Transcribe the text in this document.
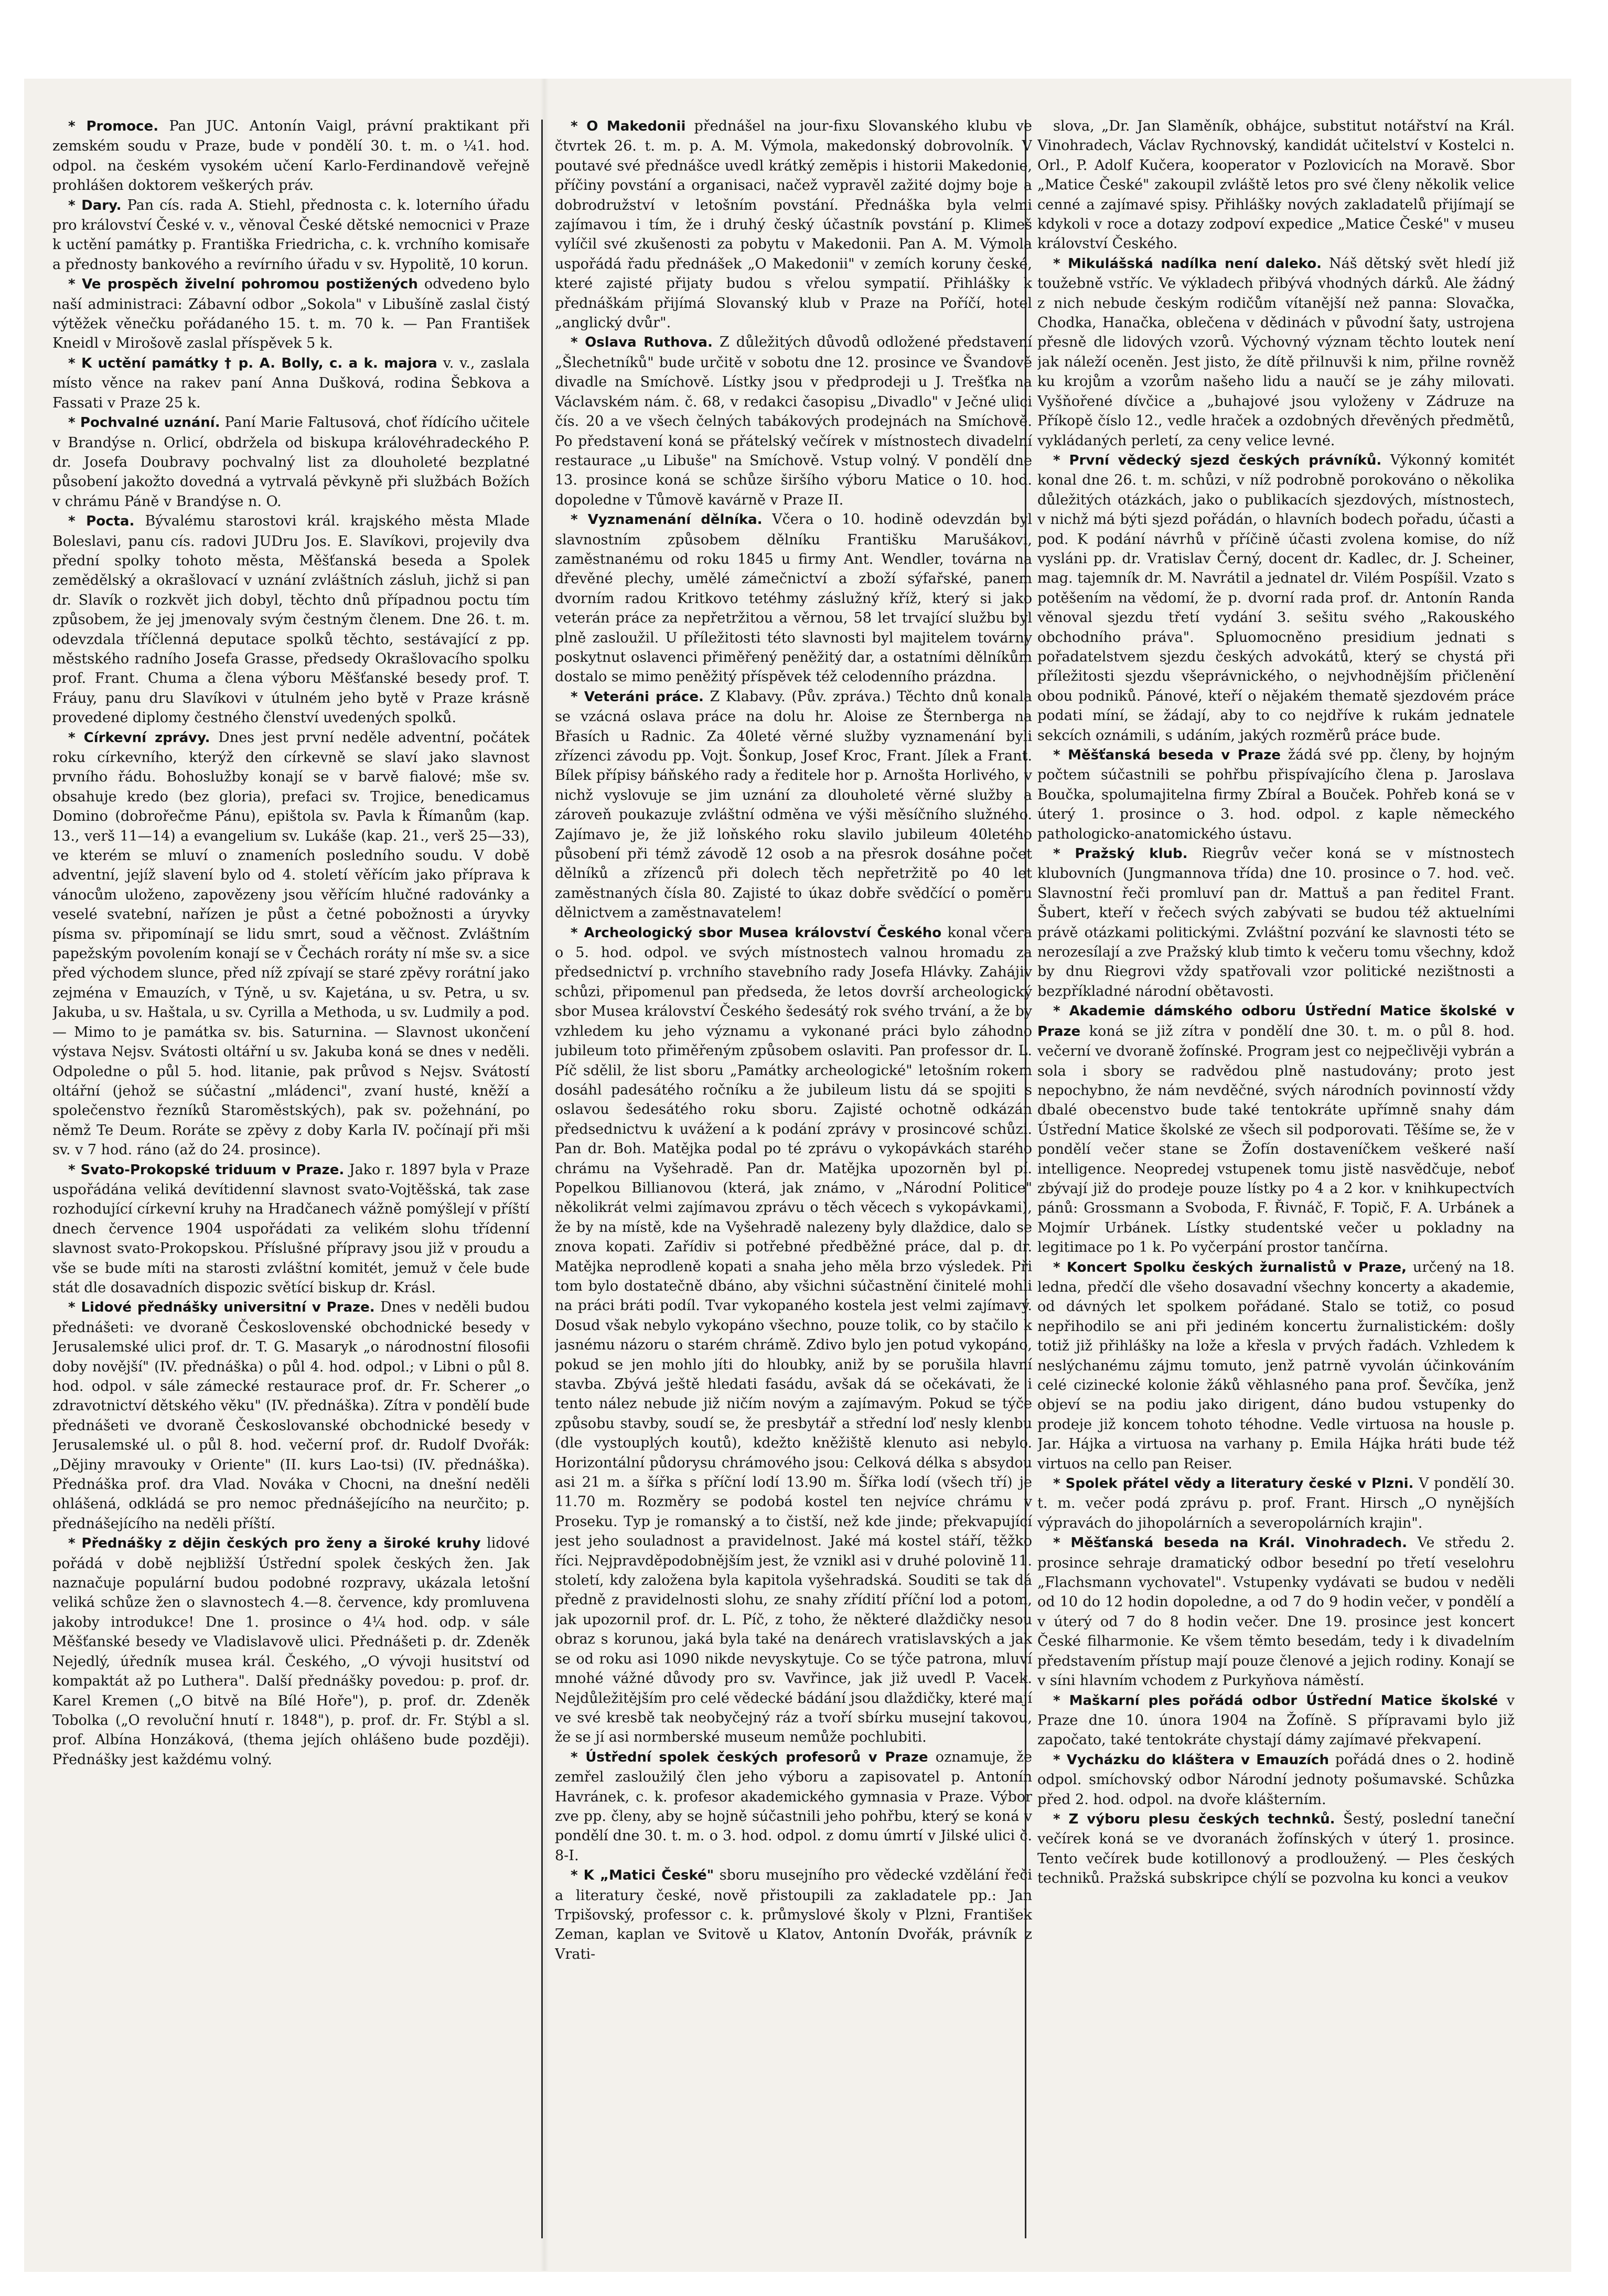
* Promoce. Pan JUC. Antonín Vaigl, právní praktikant při zemském soudu v Praze, bude v pondělí 30. t. m. o ¼1. hod. odpol. na českém vysokém učení Karlo-Ferdinandově veřejně prohlášen doktorem veškerých práv.

* Dary. Pan cís. rada A. Stiehl, přednosta c. k. loterního úřadu pro království České v. v., věnoval České dětské nemocnici v Praze k uctění památky p. Františka Friedricha, c. k. vrchního komisaře a přednosty bankového a revírního úřadu v sv. Hypolitě, 10 korun.

* Ve prospěch živelní pohromou postižených odvedeno bylo naší administraci: Zábavní odbor „Sokola" v Libušíně zaslal čistý výtěžek věnečku pořádaného 15. t. m. 70 k. — Pan František Kneidl v Mirošově zaslal příspěvek 5 k.

* K uctění památky † p. A. Bolly, c. a k. majora v. v., zaslala místo věnce na rakev paní Anna Dušková, rodina Šebkova a Fassati v Praze 25 k.

* Pochvalné uznání. Paní Marie Faltusová, choť řídícího učitele v Brandýse n. Orlicí, obdržela od biskupa královéhradeckého P. dr. Josefa Doubravy pochvalný list za dlouholeté bezplatné působení jakožto dovedná a vytrvalá pěvkyně při službách Božích v chrámu Páně v Brandýse n. O.

* Pocta. Bývalému starostovi král. krajského města Mlade Boleslavi, panu cís. radovi JUDru Jos. E. Slavíkovi, projevily dva přední spolky tohoto města, Měšťanská beseda a Spolek zemědělský a okrašlovací v uznání zvláštních zásluh, jichž si pan dr. Slavík o rozkvět jich dobyl, těchto dnů případnou poctu tím způsobem, že jej jmenovaly svým čestným členem. Dne 26. t. m. odevzdala tříčlenná deputace spolků těchto, sestávající z pp. městského radního Josefa Grasse, předsedy Okrašlovacího spolku prof. Frant. Chuma a člena výboru Měšťanské besedy prof. T. Fráuy, panu dru Slavíkovi v útulném jeho bytě v Praze krásně provedené diplomy čestného členství uvedených spolků.

* Církevní zprávy. Dnes jest první neděle adventní, počátek roku církevního, kterýž den církevně se slaví jako slavnost prvního řádu. Bohoslužby konají se v barvě fialové; mše sv. obsahuje kredo (bez gloria), prefaci sv. Trojice, benedicamus Domino (dobrořečme Pánu), epištola sv. Pavla k Římanům (kap. 13., verš 11—14) a evangelium sv. Lukáše (kap. 21., verš 25—33), ve kterém se mluví o znameních posledního soudu. V době adventní, jejíž slavení bylo od 4. století věřícím jako příprava k vánocům uloženo, zapovězeny jsou věřícím hlučné radovánky a veselé svatební, nařízen je půst a četné pobožnosti a úryvky písma sv. připomínají se lidu smrt, soud a věčnost. Zvláštním papežským povolením konají se v Čechách roráty ní mše sv. a sice před východem slunce, před níž zpívají se staré zpěvy rorátní jako zejména v Emauzích, v Týně, u sv. Kajetána, u sv. Petra, u sv. Jakuba, u sv. Haštala, u sv. Cyrilla a Methoda, u sv. Ludmily a pod. — Mimo to je památka sv. bis. Saturnina. — Slavnost ukončení výstava Nejsv. Svátosti oltářní u sv. Jakuba koná se dnes v neděli. Odpoledne o půl 5. hod. litanie, pak průvod s Nejsv. Svátostí oltářní (jehož se súčastní „mládenci", zvaní husté, kněží a společenstvo řezníků Staroměstských), pak sv. požehnání, po němž Te Deum. Roráte se zpěvy z doby Karla IV. počínají při mši sv. v 7 hod. ráno (až do 24. prosince).

* Svato-Prokopské triduum v Praze. Jako r. 1897 byla v Praze uspořádána veliká devítidenní slavnost svato-Vojtěšská, tak zase rozhodující církevní kruhy na Hradčanech vážně pomýšlejí v příští dnech července 1904 uspořádati za velikém slohu třídenní slavnost svato-Prokopskou. Příslušné přípravy jsou již v proudu a vše se bude míti na starosti zvláštní komitét, jemuž v čele bude stát dle dosavadních dispozic světící biskup dr. Krásl.

* Lidové přednášky universitní v Praze. Dnes v neděli budou přednášeti: ve dvoraně Československé obchodnické besedy v Jerusalemské ulici prof. dr. T. G. Masaryk „o národnostní filosofii doby novější" (IV. přednáška) o půl 4. hod. odpol.; v Libni o půl 8. hod. odpol. v sále zámecké restaurace prof. dr. Fr. Scherer „o zdravotnictví dětského věku" (IV. přednáška). Zítra v pondělí bude přednášeti ve dvoraně Českoslovanské obchodnické besedy v Jerusalemské ul. o půl 8. hod. večerní prof. dr. Rudolf Dvořák: „Dějiny mravouky v Oriente" (II. kurs Lao-tsi) (IV. přednáška). Přednáška prof. dra Vlad. Nováka v Chocni, na dnešní neděli ohlášená, odkládá se pro nemoc přednášejícího na neurčito; p. přednášejícího na neděli příští.

* Přednášky z dějin českých pro ženy a široké kruhy lidové pořádá v době nejbližší Ústřední spolek českých žen. Jak naznačuje populární budou podobné rozpravy, ukázala letošní veliká schůze žen o slavnostech 4.—8. července, kdy promluvena jakoby introdukce! Dne 1. prosince o 4¼ hod. odp. v sále Měšťanské besedy ve Vladislavově ulici. Přednášeti p. dr. Zdeněk Nejedlý, úředník musea král. Českého, „O vývoji husitství od kompaktát až po Luthera". Další přednášky povedou: p. prof. dr. Karel Kremen („O bitvě na Bílé Hoře"), p. prof. dr. Zdeněk Tobolka („O revoluční hnutí r. 1848"), p. prof. dr. Fr. Stýbl a sl. prof. Albína Honzáková, (thema jejích ohlášeno bude později). Přednášky jest každému volný.

* O Makedonii přednášel na jour-fixu Slovanského klubu ve čtvrtek 26. t. m. p. A. M. Výmola, makedonský dobrovolník. V poutavé své přednášce uvedl krátký zeměpis i historii Makedonie, příčiny povstání a organisaci, načež vypravěl zažité dojmy boje a dobrodružství v letošním povstání. Přednáška byla velmi zajímavou i tím, že i druhý český účastník povstání p. Klimeš vylíčil své zkušenosti za pobytu v Makedonii. Pan A. M. Výmola uspořádá řadu přednášek „O Makedonii" v zemích koruny české, které zajisté přijaty budou s vřelou sympatií. Přihlášky k přednáškám přijímá Slovanský klub v Praze na Poříčí, hotel „anglický dvůr".

* Oslava Ruthova. Z důležitých důvodů odložené představení „Šlechetníků" bude určitě v sobotu dne 12. prosince ve Švandově divadle na Smíchově. Lístky jsou v předprodeji u J. Trešťka na Václavském nám. č. 68, v redakci časopisu „Divadlo" v Ječné ulici čís. 20 a ve všech čelných tabákových prodejnách na Smíchově. Po představení koná se přátelský večírek v místnostech divadelní restaurace „u Libuše" na Smíchově. Vstup volný. V pondělí dne 13. prosince koná se schůze širšího výboru Matice o 10. hod. dopoledne v Tůmově kavárně v Praze II.

* Vyznamenání dělníka. Včera o 10. hodině odevzdán byl slavnostním způsobem dělníku Františku Marušákovi, zaměstnanému od roku 1845 u firmy Ant. Wendler, továrna na dřevěné plechy, umělé zámečnictví a zboží sýfařské, panem dvorním radou Kritkovo tetéhmy záslužný kříž, který si jako veterán práce za nepřetržitou a věrnou, 58 let trvající službu byl plně zasloužil. U příležitosti této slavnosti byl majitelem továrny poskytnut oslavenci přiměřený peněžitý dar, a ostatními dělníkům dostalo se mimo peněžitý příspěvek též celodenního prázdna.

* Veteráni práce. Z Klabavy. (Pův. zpráva.) Těchto dnů konala se vzácná oslava práce na dolu hr. Aloise ze Šternberga na Břasích u Radnic. Za 40leté věrné služby vyznamenání byli zřízenci závodu pp. Vojt. Šonkup, Josef Kroc, Frant. Jílek a Frant. Bílek přípisy báňského rady a ředitele hor p. Arnošta Horlivého, v nichž vyslovuje se jim uznání za dlouholeté věrné služby a zároveň poukazuje zvláštní odměna ve výši měsíčního služného. Zajímavo je, že již loňského roku slavilo jubileum 40letého působení při témž závodě 12 osob a na přesrok dosáhne počet dělníků a zřízenců při dolech těch nepřetržitě po 40 let zaměstnaných čísla 80. Zajisté to úkaz dobře svědčící o poměru dělnictvem a zaměstnavatelem!

* Archeologický sbor Musea království Českého konal včera o 5. hod. odpol. ve svých místnostech valnou hromadu za předsednictví p. vrchního stavebního rady Josefa Hlávky. Zahájiv schůzi, připomenul pan předseda, že letos dovrší archeologický sbor Musea království Českého šedesátý rok svého trvání, a že by vzhledem ku jeho významu a vykonané práci bylo záhodno jubileum toto přiměřeným způsobem oslaviti. Pan professor dr. L. Píč sdělil, že list sboru „Památky archeologické" letošním rokem dosáhl padesátého ročníku a že jubileum listu dá se spojiti s oslavou šedesátého roku sboru. Zajisté ochotně odkázán předsednictvu k uvážení a k podání zprávy v prosincové schůzi. Pan dr. Boh. Matějka podal po té zprávu o vykopávkách starého chrámu na Vyšehradě. Pan dr. Matějka upozorněn byl pí. Popelkou Billianovou (která, jak známo, v „Národní Politice" několikrát velmi zajímavou zprávu o těch věcech s vykopávkami), že by na místě, kde na Vyšehradě nalezeny byly dlaždice, dalo se znova kopati. Zařídiv si potřebné předběžné práce, dal p. dr. Matějka neprodleně kopati a snaha jeho měla brzo výsledek. Při tom bylo dostatečně dbáno, aby všichni súčastnění činitelé mohli na práci bráti podíl. Tvar vykopaného kostela jest velmi zajímavý. Dosud však nebylo vykopáno všechno, pouze tolik, co by stačilo k jasnému názoru o starém chrámě. Zdivo bylo jen potud vykopáno, pokud se jen mohlo jíti do hloubky, aniž by se porušila hlavní stavba. Zbývá ještě hledati fasádu, avšak dá se očekávati, že i tento nález nebude již ničím novým a zajímavým. Pokud se týče způsobu stavby, soudí se, že presbytář a střední loď nesly klenbu (dle vystouplých koutů), kdežto kněžiště klenuto asi nebylo. Horizontální půdorysu chrámového jsou: Celková délka s absydou asi 21 m. a šířka s příční lodí 13.90 m. Šířka lodí (všech tří) je 11.70 m. Rozměry se podobá kostel ten nejvíce chrámu v Proseku. Typ je romanský a to čistší, než kde jinde; překvapující jest jeho souladnost a pravidelnost. Jaké má kostel stáří, těžko říci. Nejpravděpodobnějším jest, že vznikl asi v druhé polovině 11. století, kdy založena byla kapitola vyšehradská. Souditi se tak dá předně z pravidelnosti slohu, ze snahy zřídití příční lod a potom, jak upozornil prof. dr. L. Píč, z toho, že některé dlaždičky nesou obraz s korunou, jaká byla také na denárech vratislavských a jak se od roku asi 1090 nikde nevyskytuje. Co se týče patrona, mluví mnohé vážné důvody pro sv. Vavřince, jak již uvedl P. Vacek. Nejdůležitějším pro celé vědecké bádání jsou dlaždičky, které mají ve své kresbě tak neobyčejný ráz a tvoří sbírku musejní takovou, že se jí asi normberské museum nemůže pochlubiti.

* Ústřední spolek českých profesorů v Praze oznamuje, že zemřel zasloužilý člen jeho výboru a zapisovatel p. Antonín Havránek, c. k. profesor akademického gymnasia v Praze. Výbor zve pp. členy, aby se hojně súčastnili jeho pohřbu, který se koná v pondělí dne 30. t. m. o 3. hod. odpol. z domu úmrtí v Jilské ulici č. 8-I.

* K „Matici České" sboru musejního pro vědecké vzdělání řeči a literatury české, nově přistoupili za zakladatele pp.: Jan Trpišovský, professor c. k. průmyslové školy v Plzni, František Zeman, kaplan ve Svitově u Klatov, Antonín Dvořák, právník z Vrati-

slova, „Dr. Jan Slaměník, obhájce, substitut notářství na Král. Vinohradech, Václav Rychnovský, kandidát učitelství v Kostelci n. Orl., P. Adolf Kučera, kooperator v Pozlovicích na Moravě. Sbor „Matice České" zakoupil zvláště letos pro své členy několik velice cenné a zajímavé spisy. Přihlášky nových zakladatelů přijímají se kdykoli v roce a dotazy zodpoví expedice „Matice České" v museu království Českého.

* Mikulášská nadílka není daleko. Náš dětský svět hledí již toužebně vstříc. Ve výkladech přibývá vhodných dárků. Ale žádný z nich nebude českým rodičům vítanější než panna: Slovačka, Chodka, Hanačka, oblečena v dědinách v původní šaty, ustrojena přesně dle lidových vzorů. Výchovný význam těchto loutek není jak náleží oceněn. Jest jisto, že dítě přilnuvši k nim, přilne rovněž ku krojům a vzorům našeho lidu a naučí se je záhy milovati. Vyšňořené dívčice a „buhajové jsou vyloženy v Zádruze na Příkopě číslo 12., vedle hraček a ozdobných dřevěných předmětů, vykládaných perletí, za ceny velice levné.

* První vědecký sjezd českých právníků. Výkonný komitét konal dne 26. t. m. schůzi, v níž podrobně porokováno o několika důležitých otázkách, jako o publikacích sjezdových, místnostech, v nichž má býti sjezd pořádán, o hlavních bodech pořadu, účasti a pod. K podání návrhů v příčině účasti zvolena komise, do níž vysláni pp. dr. Vratislav Černý, docent dr. Kadlec, dr. J. Scheiner, mag. tajemník dr. M. Navrátil a jednatel dr. Vilém Pospíšil. Vzato s potěšením na vědomí, že p. dvorní rada prof. dr. Antonín Randa věnoval sjezdu třetí vydání 3. sešitu svého „Rakouského obchodního práva". Spluomocněno presidium jednati s pořadatelstvem sjezdu českých advokátů, který se chystá při příležitosti sjezdu všeprávnického, o nejvhodnějším přičlenění obou podniků. Pánové, kteří o nějakém thematě sjezdovém práce podati míní, se žádají, aby to co nejdříve k rukám jednatele sekcích oznámili, s udáním, jakých rozměrů práce bude.

* Měšťanská beseda v Praze žádá své pp. členy, by hojným počtem súčastnili se pohřbu přispívajícího člena p. Jaroslava Boučka, spolumajitelna firmy Zbíral a Bouček. Pohřeb koná se v úterý 1. prosince o 3. hod. odpol. z kaple německého pathologicko-anatomického ústavu.

* Pražský klub. Riegrův večer koná se v místnostech klubovních (Jungmannova třída) dne 10. prosince o 7. hod. več. Slavnostní řeči promluví pan dr. Mattuš a pan ředitel Frant. Šubert, kteří v řečech svých zabývati se budou též aktuelními právě otázkami politickými. Zvláštní pozvání ke slavnosti této se nerozesílají a zve Pražský klub timto k večeru tomu všechny, kdož by dnu Riegrovi vždy spatřovali vzor politické nezištnosti a bezpříkladné národní obětavosti.

* Akademie dámského odboru Ústřední Matice školské v Praze koná se již zítra v pondělí dne 30. t. m. o půl 8. hod. večerní ve dvoraně žofínské. Program jest co nejpečlivěji vybrán a sola i sbory se radvědou plně nastudovány; proto jest nepochybno, že nám nevděčné, svých národních povinností vždy dbalé obecenstvo bude také tentokráte upřímně snahy dám Ústřední Matice školské ze všech sil podporovati. Těšíme se, že v pondělí večer stane se Žofín dostaveníčkem veškeré naší intelligence. Neopredej vstupenek tomu jistě nasvědčuje, neboť zbývají již do prodeje pouze lístky po 4 a 2 kor. v knihkupectvích pánů: Grossmann a Svoboda, F. Řivnáč, F. Topič, F. A. Urbánek a Mojmír Urbánek. Lístky studentské večer u pokladny na legitimace po 1 k. Po vyčerpání prostor tančírna.

* Koncert Spolku českých žurnalistů v Praze, určený na 18. ledna, předčí dle všeho dosavadní všechny koncerty a akademie, od dávných let spolkem pořádané. Stalo se totiž, co posud nepřihodilo se ani při jediném koncertu žurnalistickém: došly totiž již přihlášky na lože a křesla v prvých řadách. Vzhledem k neslýchanému zájmu tomuto, jenž patrně vyvolán účinkováním celé cizinecké kolonie žáků věhlasného pana prof. Ševčíka, jenž objeví se na podiu jako dirigent, dáno budou vstupenky do prodeje již koncem tohoto téhodne. Vedle virtuosa na housle p. Jar. Hájka a virtuosa na varhany p. Emila Hájka hráti bude též virtuos na cello pan Reiser.

* Spolek přátel vědy a literatury české v Plzni. V pondělí 30. t. m. večer podá zprávu p. prof. Frant. Hirsch „O nynějších výpravách do jihopolárních a severopolárních krajin".

* Měšťanská beseda na Král. Vinohradech. Ve středu 2. prosince sehraje dramatický odbor besední po třetí veselohru „Flachsmann vychovatel". Vstupenky vydávati se budou v neděli od 10 do 12 hodin dopoledne, a od 7 do 9 hodin večer, v pondělí a v úterý od 7 do 8 hodin večer. Dne 19. prosince jest koncert České filharmonie. Ke všem těmto besedám, tedy i k divadelním představením přístup mají pouze členové a jejich rodiny. Konají se v síni hlavním vchodem z Purkyňova náměstí.

* Maškarní ples pořádá odbor Ústřední Matice školské v Praze dne 10. února 1904 na Žofíně. S přípravami bylo již započato, také tentokráte chystají dámy zajímavé překvapení.

* Vycházku do kláštera v Emauzích pořádá dnes o 2. hodině odpol. smíchovský odbor Národní jednoty pošumavské. Schůzka před 2. hod. odpol. na dvoře klášterním.

* Z výboru plesu českých technků. Šestý, poslední taneční večírek koná se ve dvoranách žofínských v úterý 1. prosince. Tento večírek bude kotillonový a prodloužený. — Ples českých techniků. Pražská subskripce chýlí se pozvolna ku konci a veukov
